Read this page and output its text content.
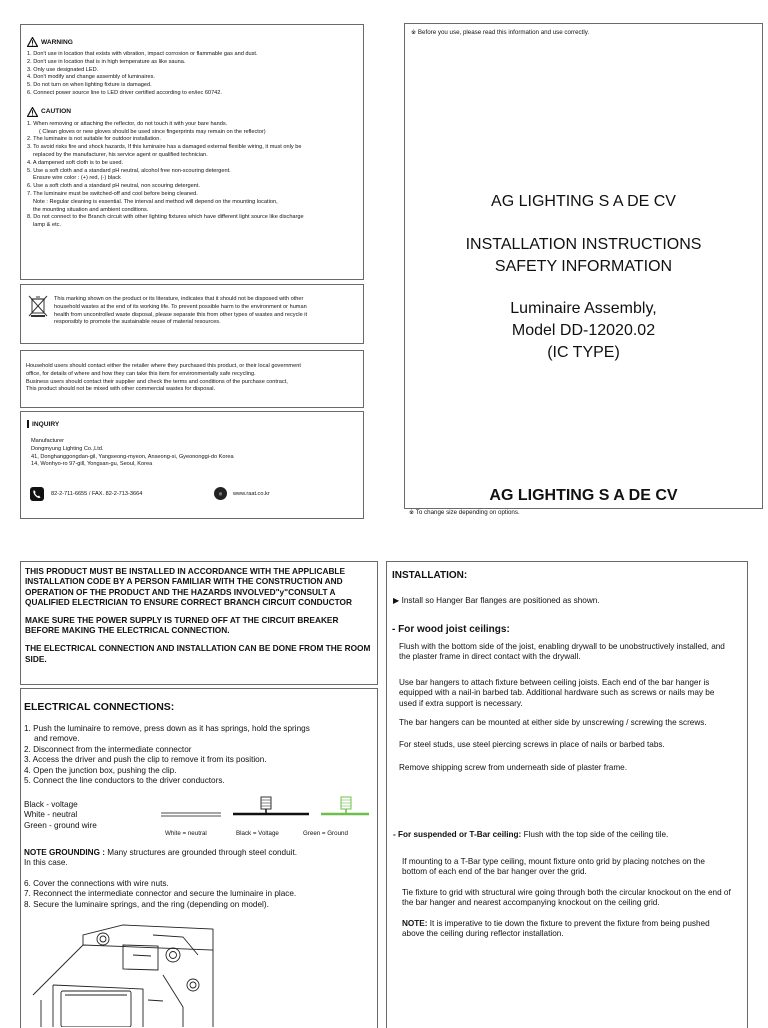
WARNING
1. Don't use in location that exists with vibration, impact corrosion or flammable gas and dust.
2. Don't use in location that is in high temperature as like sauna.
3. Only use designated LED.
4. Don't modify and change assembly of luminaires.
5. Do not turn on when lighting fixture is damaged.
6. Connect power source line to LED driver certified according to en/iec 60742.
CAUTION
1. When removing or attaching the reflector, do not touch it with your bare hands.
( Clean gloves or new gloves should be used since fingerprints may remain on the reflector)
2. The luminaire is not suitable for outdoor installation.
3. To avoid risks fire and shock hazards, If this luminaire has a damaged external flexible wiring, it must only be
replaced by the manufacturer, his service agent or qualified technician.
4. A dampened soft cloth is to be used.
5. Use a soft cloth and a standard pH neutral, alcohol free non-scouring detergent.
Ensure wire color : (+) red, (-) black
6. Use a soft cloth and a standard pH neutral, non scouring detergent.
7. The luminaire must be switched-off and cool before being cleaned.
Note : Regular cleaning is essential. The interval and method will depend on the mounting location,
the mounting situation and ambient conditions.
8. Do not connect to the Branch circuit with other lighting fixtures which have different light source like discharge
lamp & etc.
This marking shown on the product or its literature, indicates that it should not be disposed with other
household wastes at the end of its working life. To prevent possible harm to the environment or human
health from uncontrolled waste disposal, please separate this from other types of wastes and recycle it
responsibly to promote the sustainable reuse of material resources.
Household users should contact either the retailer where they purchased this product, or their local government
office, for details of where and how they can take this item for environmentally safe recycling.
Business users should contact their supplier and check the terms and conditions of the purchase contract,
This product should not be mixed with other commercial wastes for disposal.
INQUIRY
Manufacturer
Dongmyung Lighting Co.,Ltd.
41, Donghanggongdan-gil, Yangseong-myeon, Anseong-si, Gyeononggi-do Korea
14, Wonhyo-ro 97-gill, Yongsan-gu, Seoul, Korea
82-2-711-6655 / FAX. 82-2-713-3664	◎	www.raat.co.kr
※ Before you use, please read this information and use correctly.
AG LIGHTING S A DE CV
INSTALLATION INSTRUCTIONS
SAFETY INFORMATION
Luminaire Assembly,
Model DD-12020.02
(IC TYPE)
AG LIGHTING S A DE CV
※ To change size depending on options.
THIS PRODUCT MUST BE INSTALLED IN ACCORDANCE WITH THE APPLICABLE INSTALLATION CODE BY A PERSON FAMILIAR WITH THE CONSTRUCTION AND OPERATION OF THE PRODUCT AND THE HAZARDS INVOLVED"y"CONSULT A QUALIFIED ELECTRICIAN TO ENSURE CORRECT BRANCH CIRCUIT CONDUCTOR
MAKE SURE THE POWER SUPPLY IS TURNED OFF AT THE CIRCUIT BREAKER BEFORE MAKING THE ELECTRICAL CONNECTION.
THE ELECTRICAL CONNECTION AND INSTALLATION CAN BE DONE FROM THE ROOM SIDE.
ELECTRICAL CONNECTIONS:
1. Push the luminaire to remove, press down as it has springs, hold the springs
and remove.
2. Disconnect from the intermediate connector
3. Access the driver and push the clip to remove it from its position.
4. Open the junction box, pushing the clip.
5. Connect the line conductors to the driver conductors.
Black - voltage
White - neutral
Green - ground wire
White = neutral	Black = Voltage	Green = Ground
NOTE GROUNDING : Many structures are grounded through steel conduit.
In this case.
6. Cover the connections with wire nuts.
7. Reconnect the intermediate connector and secure the luminaire in place.
8. Secure the luminaire springs, and the ring (depending on model).
INSTALLATION:
▶ Install so Hanger Bar flanges are positioned as shown.
- For wood joist ceilings:
Flush with the bottom side of the joist, enabling drywall to be unobstructively installed, and the plaster frame in direct contact with the drywall.
Use bar hangers to attach fixture between ceiling joists. Each end of the bar hanger is equipped with a nail-in barbed tab. Additional hardware such as screws or nails may be used if extra support is necessary.
The bar hangers can be mounted at either side by unscrewing / screwing the screws.
For steel studs, use steel piercing screws in place of nails or barbed tabs.
Remove shipping screw from underneath side of plaster frame.
- For suspended or T-Bar ceiling: Flush with the top side of the ceiling tile.
If mounting to a T-Bar type ceiling, mount fixture onto grid by placing notches on the bottom of each end of the bar hanger over the grid.
Tie fixture to grid with structural wire going through both the circular knockout on the end of the bar hanger and nearest accompanying knockout on the ceiling grid.
NOTE: It is imperative to tie down the fixture to prevent the fixture from being pushed above the ceiling during reflector installation.
